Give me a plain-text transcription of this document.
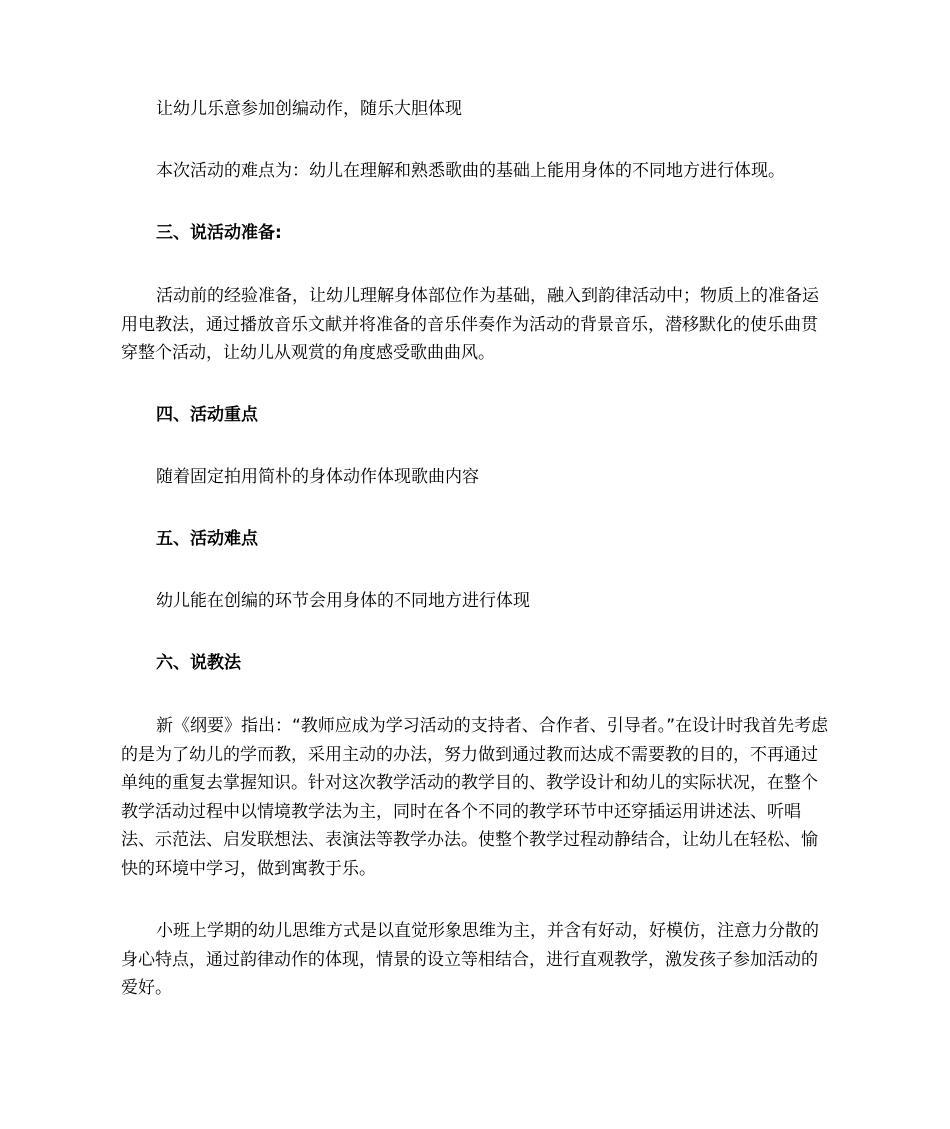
让幼儿乐意参加创编动作，随乐大胆体现
本次活动的难点为：幼儿在理解和熟悉歌曲的基础上能用身体的不同地方进行体现。
三、说活动准备:
活动前的经验准备，让幼儿理解身体部位作为基础，融入到韵律活动中；物质上的准备运用电教法，通过播放音乐文献并将准备的音乐伴奏作为活动的背景音乐，潜移默化的使乐曲贯穿整个活动，让幼儿从观赏的角度感受歌曲曲风。
四、活动重点
随着固定拍用简朴的身体动作体现歌曲内容
五、活动难点
幼儿能在创编的环节会用身体的不同地方进行体现
六、说教法
新《纲要》指出：“教师应成为学习活动的支持者、合作者、引导者。”在设计时我首先考虑的是为了幼儿的学而教，采用主动的办法，努力做到通过教而达成不需要教的目的，不再通过单纯的重复去掌握知识。针对这次教学活动的教学目的、教学设计和幼儿的实际状况，在整个教学活动过程中以情境教学法为主，同时在各个不同的教学环节中还穿插运用讲述法、听唱法、示范法、启发联想法、表演法等教学办法。使整个教学过程动静结合，让幼儿在轻松、愉快的环境中学习，做到寓教于乐。
小班上学期的幼儿思维方式是以直觉形象思维为主，并含有好动，好模仿，注意力分散的身心特点，通过韵律动作的体现，情景的设立等相结合，进行直观教学，激发孩子参加活动的爱好。
